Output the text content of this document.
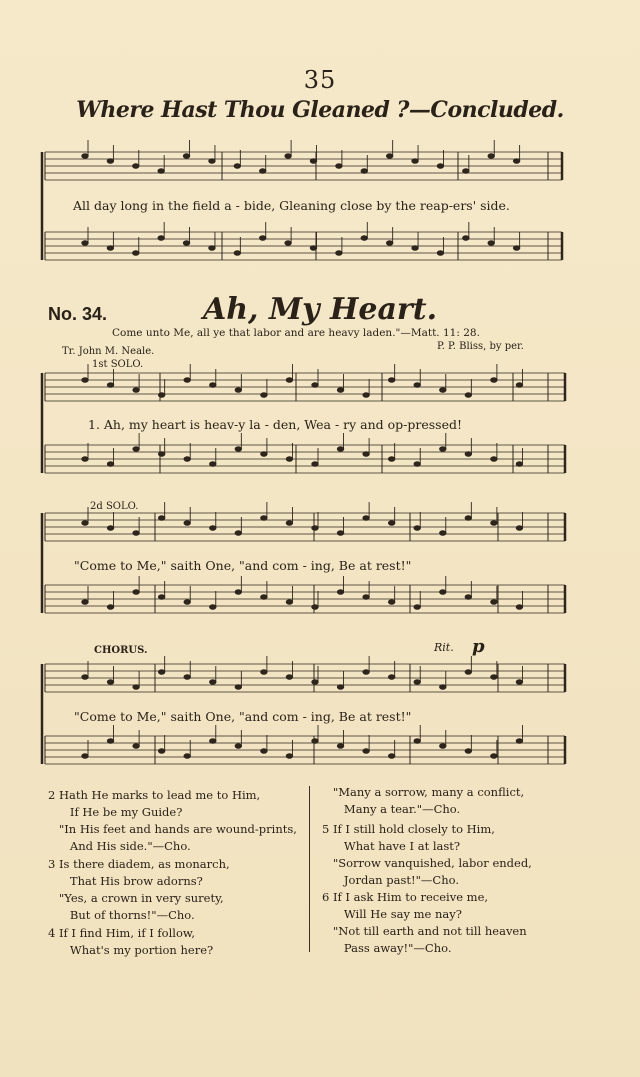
35
Where Hast Thou Gleaned ?—Concluded.
All day long in the field a - bide, Gleaning close by the reap-ers' side.
No. 34.	Ah, My Heart.
Come unto Me, all ye that labor and are heavy laden."—Matt. 11: 28.
Tr. John M. Neale.	P. P. Bliss, by per.
1st SOLO.
1. Ah, my heart is heav-y la - den, Wea - ry and op-pressed!
2d SOLO.
"Come to Me," saith One, "and com - ing, Be at rest!"
CHORUS.	Rit. p
"Come to Me," saith One, "and com - ing, Be at rest!"
2 Hath He marks to lead me to Him,
If He be my Guide?
"In His feet and hands are wound-prints,
And His side."—Cho.
3 Is there diadem, as monarch,
That His brow adorns?
"Yes, a crown in very surety,
But of thorns!"—Cho.
4 If I find Him, if I follow,
What's my portion here?
"Many a sorrow, many a conflict,
Many a tear."—Cho.
5 If I still hold closely to Him,
What have I at last?
"Sorrow vanquished, labor ended,
Jordan past!"—Cho.
6 If I ask Him to receive me,
Will He say me nay?
"Not till earth and not till heaven
Pass away!"—Cho.
